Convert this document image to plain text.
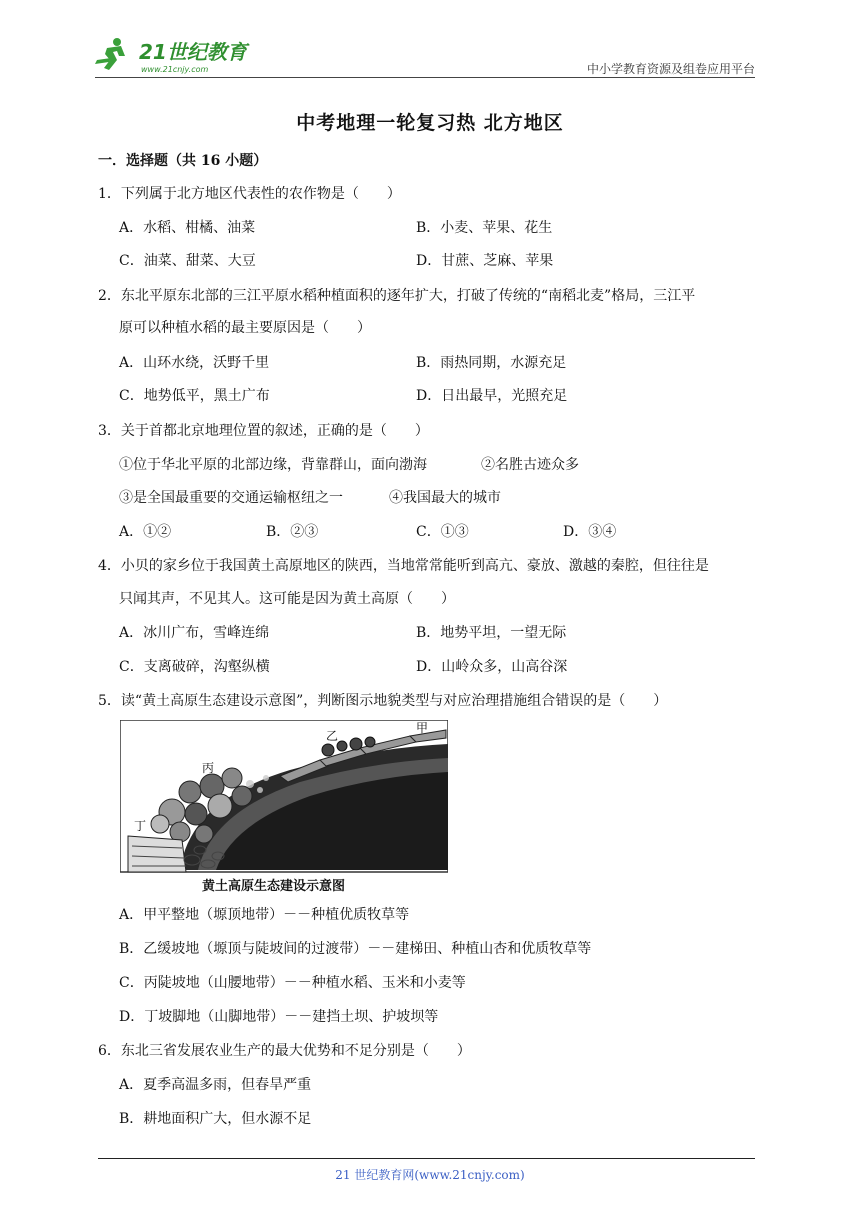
21世纪教育
www.21cnjy.com	中小学教育资源及组卷应用平台
中考地理一轮复习热 北方地区
一．选择题（共 16 小题）
1．下列属于北方地区代表性的农作物是（　　）
A．水稻、柑橘、油菜	B．小麦、苹果、花生
C．油菜、甜菜、大豆	D．甘蔗、芝麻、苹果
2．东北平原东北部的三江平原水稻种植面积的逐年扩大，打破了传统的“南稻北麦”格局，三江平
原可以种植水稻的最主要原因是（　　）
A．山环水绕，沃野千里	B．雨热同期，水源充足
C．地势低平，黑土广布	D．日出最早，光照充足
3．关于首都北京地理位置的叙述，正确的是（　　）
①位于华北平原的北部边缘，背靠群山，面向渤海	②名胜古迹众多
③是全国最重要的交通运输枢纽之一	④我国最大的城市
A．①②	B．②③	C．①③	D．③④
4．小贝的家乡位于我国黄土高原地区的陕西，当地常常能听到高亢、豪放、激越的秦腔，但往往是
只闻其声，不见其人。这可能是因为黄土高原（　　）
A．冰川广布，雪峰连绵	B．地势平坦，一望无际
C．支离破碎，沟壑纵横	D．山岭众多，山高谷深
5．读“黄土高原生态建设示意图”，判断图示地貌类型与对应治理措施组合错误的是（　　）
甲
乙
丙
丁
黄土高原生态建设示意图
A．甲平整地（塬顶地带）－－种植优质牧草等
B．乙缓坡地（塬顶与陡坡间的过渡带）－－建梯田、种植山杏和优质牧草等
C．丙陡坡地（山腰地带）－－种植水稻、玉米和小麦等
D．丁坡脚地（山脚地带）－－建挡土坝、护坡坝等
6．东北三省发展农业生产的最大优势和不足分别是（　　）
A．夏季高温多雨，但春旱严重
B．耕地面积广大，但水源不足
21 世纪教育网(www.21cnjy.com)
